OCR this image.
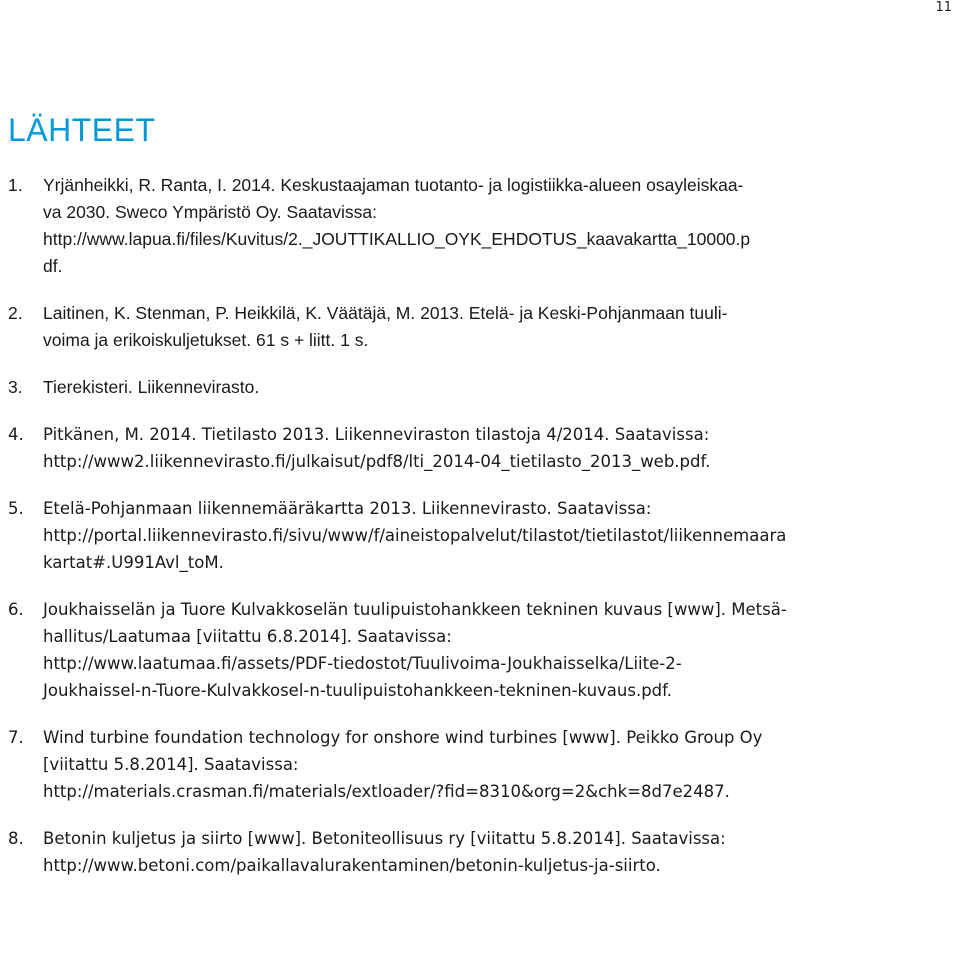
11
LÄHTEET
1.	Yrjänheikki, R. Ranta, I. 2014. Keskustaajaman tuotanto- ja logistiikka-alueen osayleiskaa-
va 2030. Sweco Ympäristö Oy. Saatavissa:
http://www.lapua.fi/files/Kuvitus/2._JOUTTIKALLIO_OYK_EHDOTUS_kaavakartta_10000.p
df.
2.	Laitinen, K. Stenman, P. Heikkilä, K. Väätäjä, M. 2013. Etelä- ja Keski-Pohjanmaan tuuli-
voima ja erikoiskuljetukset. 61 s + liitt. 1 s.
3.	Tierekisteri. Liikennevirasto.
4.	Pitkänen, M. 2014. Tietilasto 2013. Liikenneviraston tilastoja 4/2014. Saatavissa:
http://www2.liikennevirasto.fi/julkaisut/pdf8/lti_2014-04_tietilasto_2013_web.pdf.
5.	Etelä-Pohjanmaan liikennemääräkartta 2013. Liikennevirasto. Saatavissa:
http://portal.liikennevirasto.fi/sivu/www/f/aineistopalvelut/tilastot/tietilastot/liikennemaara
kartat#.U991Avl_toM.
6.	Joukhaisselän ja Tuore Kulvakkoselän tuulipuistohankkeen tekninen kuvaus [www]. Metsä-
hallitus/Laatumaa [viitattu 6.8.2014]. Saatavissa:
http://www.laatumaa.fi/assets/PDF-tiedostot/Tuulivoima-Joukhaisselka/Liite-2-
Joukhaissel-n-Tuore-Kulvakkosel-n-tuulipuistohankkeen-tekninen-kuvaus.pdf.
7.	Wind turbine foundation technology for onshore wind turbines [www]. Peikko Group Oy
[viitattu 5.8.2014]. Saatavissa:
http://materials.crasman.fi/materials/extloader/?fid=8310&org=2&chk=8d7e2487.
8.	Betonin kuljetus ja siirto [www]. Betoniteollisuus ry [viitattu 5.8.2014]. Saatavissa:
http://www.betoni.com/paikallavalurakentaminen/betonin-kuljetus-ja-siirto.
